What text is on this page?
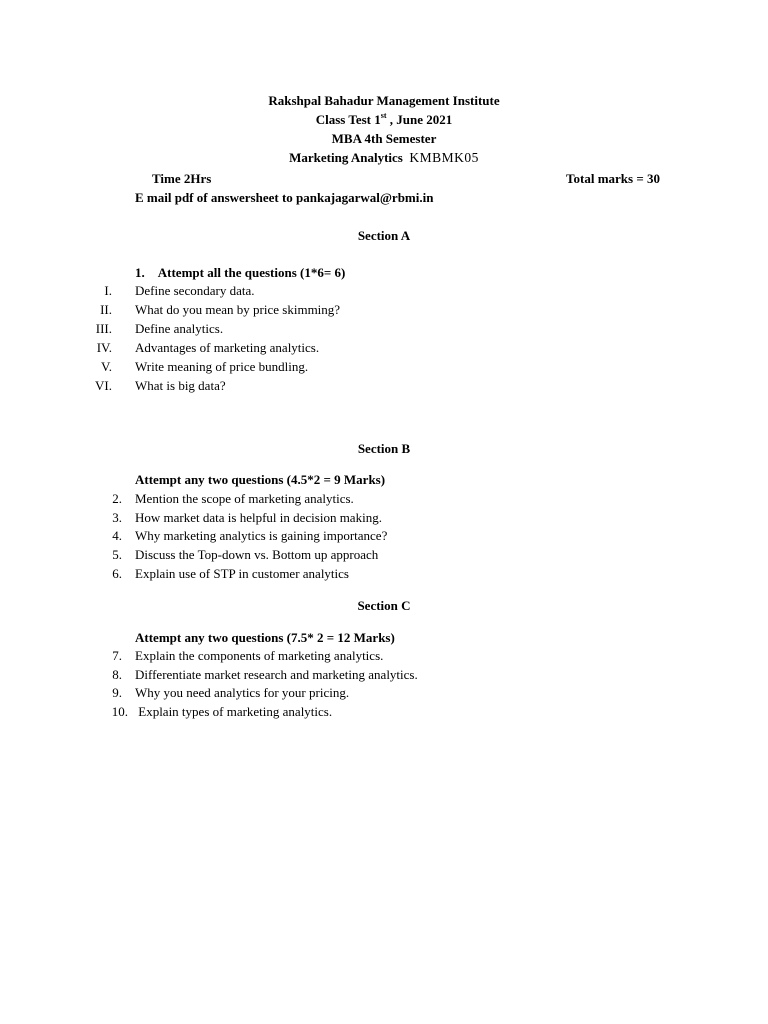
Rakshpal Bahadur Management Institute
Class Test 1st , June 2021
MBA 4th Semester
Marketing Analytics KMBMK05
Time 2Hrs	Total marks = 30
E mail pdf of answersheet to pankajagarwal@rbmi.in
Section A
1. Attempt all the questions (1*6= 6)
I. Define secondary data.
II. What do you mean by price skimming?
III. Define analytics.
IV. Advantages of marketing analytics.
V. Write meaning of price bundling.
VI. What is big data?
Section B
Attempt any two questions (4.5*2 = 9 Marks)
2. Mention the scope of marketing analytics.
3. How market data is helpful in decision making.
4. Why marketing analytics is gaining importance?
5. Discuss the Top-down vs. Bottom up approach
6. Explain use of STP in customer analytics
Section C
Attempt any two questions (7.5* 2 = 12 Marks)
7. Explain the components of marketing analytics.
8. Differentiate market research and marketing analytics.
9. Why you need analytics for your pricing.
10. Explain types of marketing analytics.
